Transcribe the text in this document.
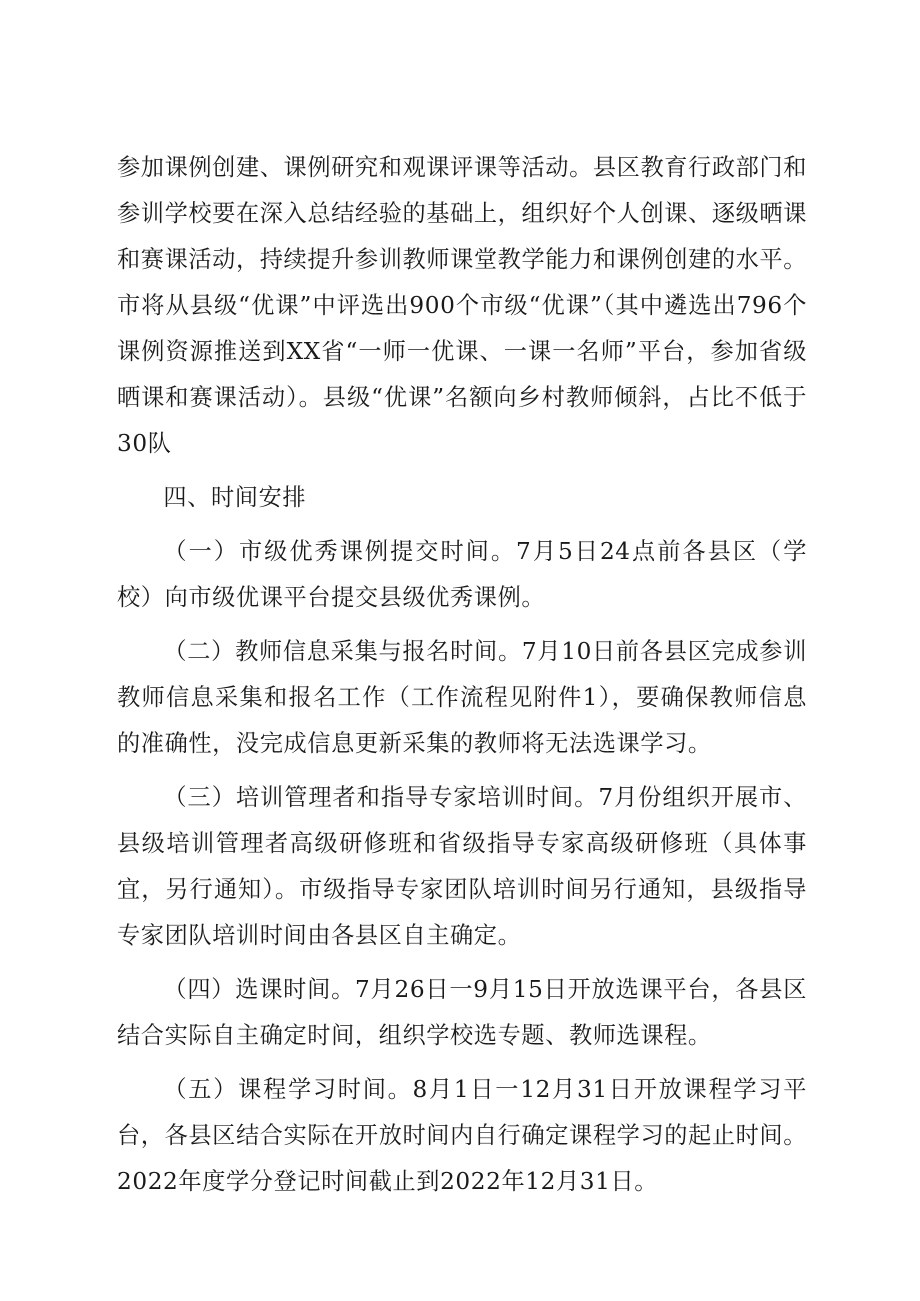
参加课例创建、课例研究和观课评课等活动。县区教育行政部门和参训学校要在深入总结经验的基础上，组织好个人创课、逐级晒课和赛课活动，持续提升参训教师课堂教学能力和课例创建的水平。市将从县级“优课”中评选出900个市级“优课”（其中遴选出796个课例资源推送到XX省“一师一优课、一课一名师”平台，参加省级晒课和赛课活动）。县级“优课”名额向乡村教师倾斜，占比不低于30队

四、时间安排

（一）市级优秀课例提交时间。7月5日24点前各县区（学校）向市级优课平台提交县级优秀课例。

（二）教师信息采集与报名时间。7月10日前各县区完成参训教师信息采集和报名工作（工作流程见附件1），要确保教师信息的准确性，没完成信息更新采集的教师将无法选课学习。

（三）培训管理者和指导专家培训时间。7月份组织开展市、县级培训管理者高级研修班和省级指导专家高级研修班（具体事宜，另行通知）。市级指导专家团队培训时间另行通知，县级指导专家团队培训时间由各县区自主确定。

（四）选课时间。7月26日一9月15日开放选课平台，各县区结合实际自主确定时间，组织学校选专题、教师选课程。

（五）课程学习时间。8月1日一12月31日开放课程学习平台，各县区结合实际在开放时间内自行确定课程学习的起止时间。2022年度学分登记时间截止到2022年12月31日。
